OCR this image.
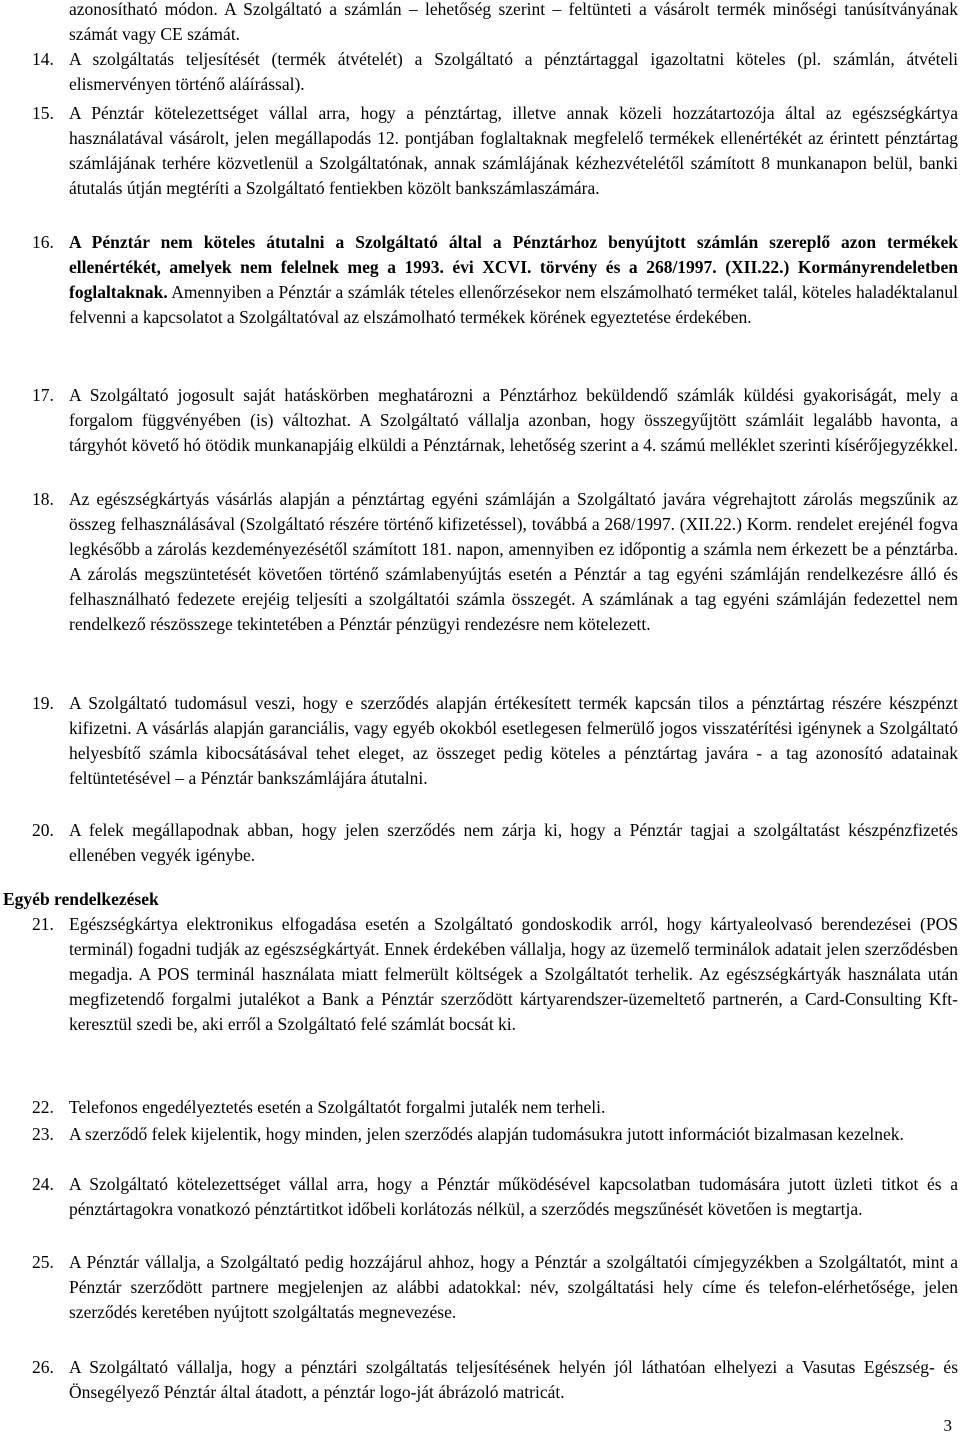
azonosítható módon. A Szolgáltató a számlán – lehetőség szerint – feltünteti a vásárolt termék minőségi tanúsítványának számát vagy CE számát.
14. A szolgáltatás teljesítését (termék átvételét) a Szolgáltató a pénztártaggal igazoltatni köteles (pl. számlán, átvételi elismervényen történő aláírással).
15. A Pénztár kötelezettséget vállal arra, hogy a pénztártag, illetve annak közeli hozzátartozója által az egészségkártya használatával vásárolt, jelen megállapodás 12. pontjában foglaltaknak megfelelő termékek ellenértékét az érintett pénztártag számlájának terhére közvetlenül a Szolgáltatónak, annak számlájának kézhezvételétől számított 8 munkanapon belül, banki átutalás útján megtéríti a Szolgáltató fentiekben közölt bankszámlaszámára.
16. A Pénztár nem köteles átutalni a Szolgáltató által a Pénztárhoz benyújtott számlán szereplő azon termékek ellenértékét, amelyek nem felelnek meg a 1993. évi XCVI. törvény és a 268/1997. (XII.22.) Kormányrendeletben foglaltaknak. Amennyiben a Pénztár a számlák tételes ellenőrzésekor nem elszámolható terméket talál, köteles haladéktalanul felvenni a kapcsolatot a Szolgáltatóval az elszámolható termékek körének egyeztetése érdekében.
17. A Szolgáltató jogosult saját hatáskörben meghatározni a Pénztárhoz beküldendő számlák küldési gyakoriságát, mely a forgalom függvényében (is) változhat. A Szolgáltató vállalja azonban, hogy összegyűjtött számláit legalább havonta, a tárgyhót követő hó ötödik munkanapjáig elküldi a Pénztárnak, lehetőség szerint a 4. számú melléklet szerinti kísérőjegyzékkel.
18. Az egészségkártyás vásárlás alapján a pénztártag egyéni számláján a Szolgáltató javára végrehajtott zárolás megszűnik az összeg felhasználásával (Szolgáltató részére történő kifizetéssel), továbbá a 268/1997. (XII.22.) Korm. rendelet erejénél fogva legkésőbb a zárolás kezdeményezésétől számított 181. napon, amennyiben ez időpontig a számla nem érkezett be a pénztárba. A zárolás megszüntetését követően történő számlabenyújtás esetén a Pénztár a tag egyéni számláján rendelkezésre álló és felhasználható fedezete erejéig teljesíti a szolgáltatói számla összegét. A számlának a tag egyéni számláján fedezettel nem rendelkező részösszege tekintetében a Pénztár pénzügyi rendezésre nem kötelezett.
19. A Szolgáltató tudomásul veszi, hogy e szerződés alapján értékesített termék kapcsán tilos a pénztártag részére készpénzt kifizetni. A vásárlás alapján garanciális, vagy egyéb okokból esetlegesen felmerülő jogos visszatérítési igénynek a Szolgáltató helyesbítő számla kibocsátásával tehet eleget, az összeget pedig köteles a pénztártag javára - a tag azonosító adatainak feltüntetésével – a Pénztár bankszámlájára átutalni.
20. A felek megállapodnak abban, hogy jelen szerződés nem zárja ki, hogy a Pénztár tagjai a szolgáltatást készpénzfizetés ellenében vegyék igénybe.
Egyéb rendelkezések
21. Egészségkártya elektronikus elfogadása esetén a Szolgáltató gondoskodik arról, hogy kártyaleolvasó berendezései (POS terminál) fogadni tudják az egészségkártyát. Ennek érdekében vállalja, hogy az üzemelő terminálok adatait jelen szerződésben megadja. A POS terminál használata miatt felmerült költségek a Szolgáltatót terhelik. Az egészségkártyák használata után megfizetendő forgalmi jutalékot a Bank a Pénztár szerződött kártyarendszer-üzemeltető partnerén, a Card-Consulting Kft-keresztül szedi be, aki erről a Szolgáltató felé számlát bocsát ki.
22. Telefonos engedélyeztetés esetén a Szolgáltatót forgalmi jutalék nem terheli.
23. A szerződő felek kijelentik, hogy minden, jelen szerződés alapján tudomásukra jutott információt bizalmasan kezelnek.
24. A Szolgáltató kötelezettséget vállal arra, hogy a Pénztár működésével kapcsolatban tudomására jutott üzleti titkot és a pénztártagokra vonatkozó pénztártitkot időbeli korlátozás nélkül, a szerződés megszűnését követően is megtartja.
25. A Pénztár vállalja, a Szolgáltató pedig hozzájárul ahhoz, hogy a Pénztár a szolgáltatói címjegyzékben a Szolgáltatót, mint a Pénztár szerződött partnere megjelenjen az alábbi adatokkal: név, szolgáltatási hely címe és telefon-elérhetősége, jelen szerződés keretében nyújtott szolgáltatás megnevezése.
26. A Szolgáltató vállalja, hogy a pénztári szolgáltatás teljesítésének helyén jól láthatóan elhelyezi a Vasutas Egészség- és Önsegélyező Pénztár által átadott, a pénztár logo-ját ábrázoló matricát.
3
